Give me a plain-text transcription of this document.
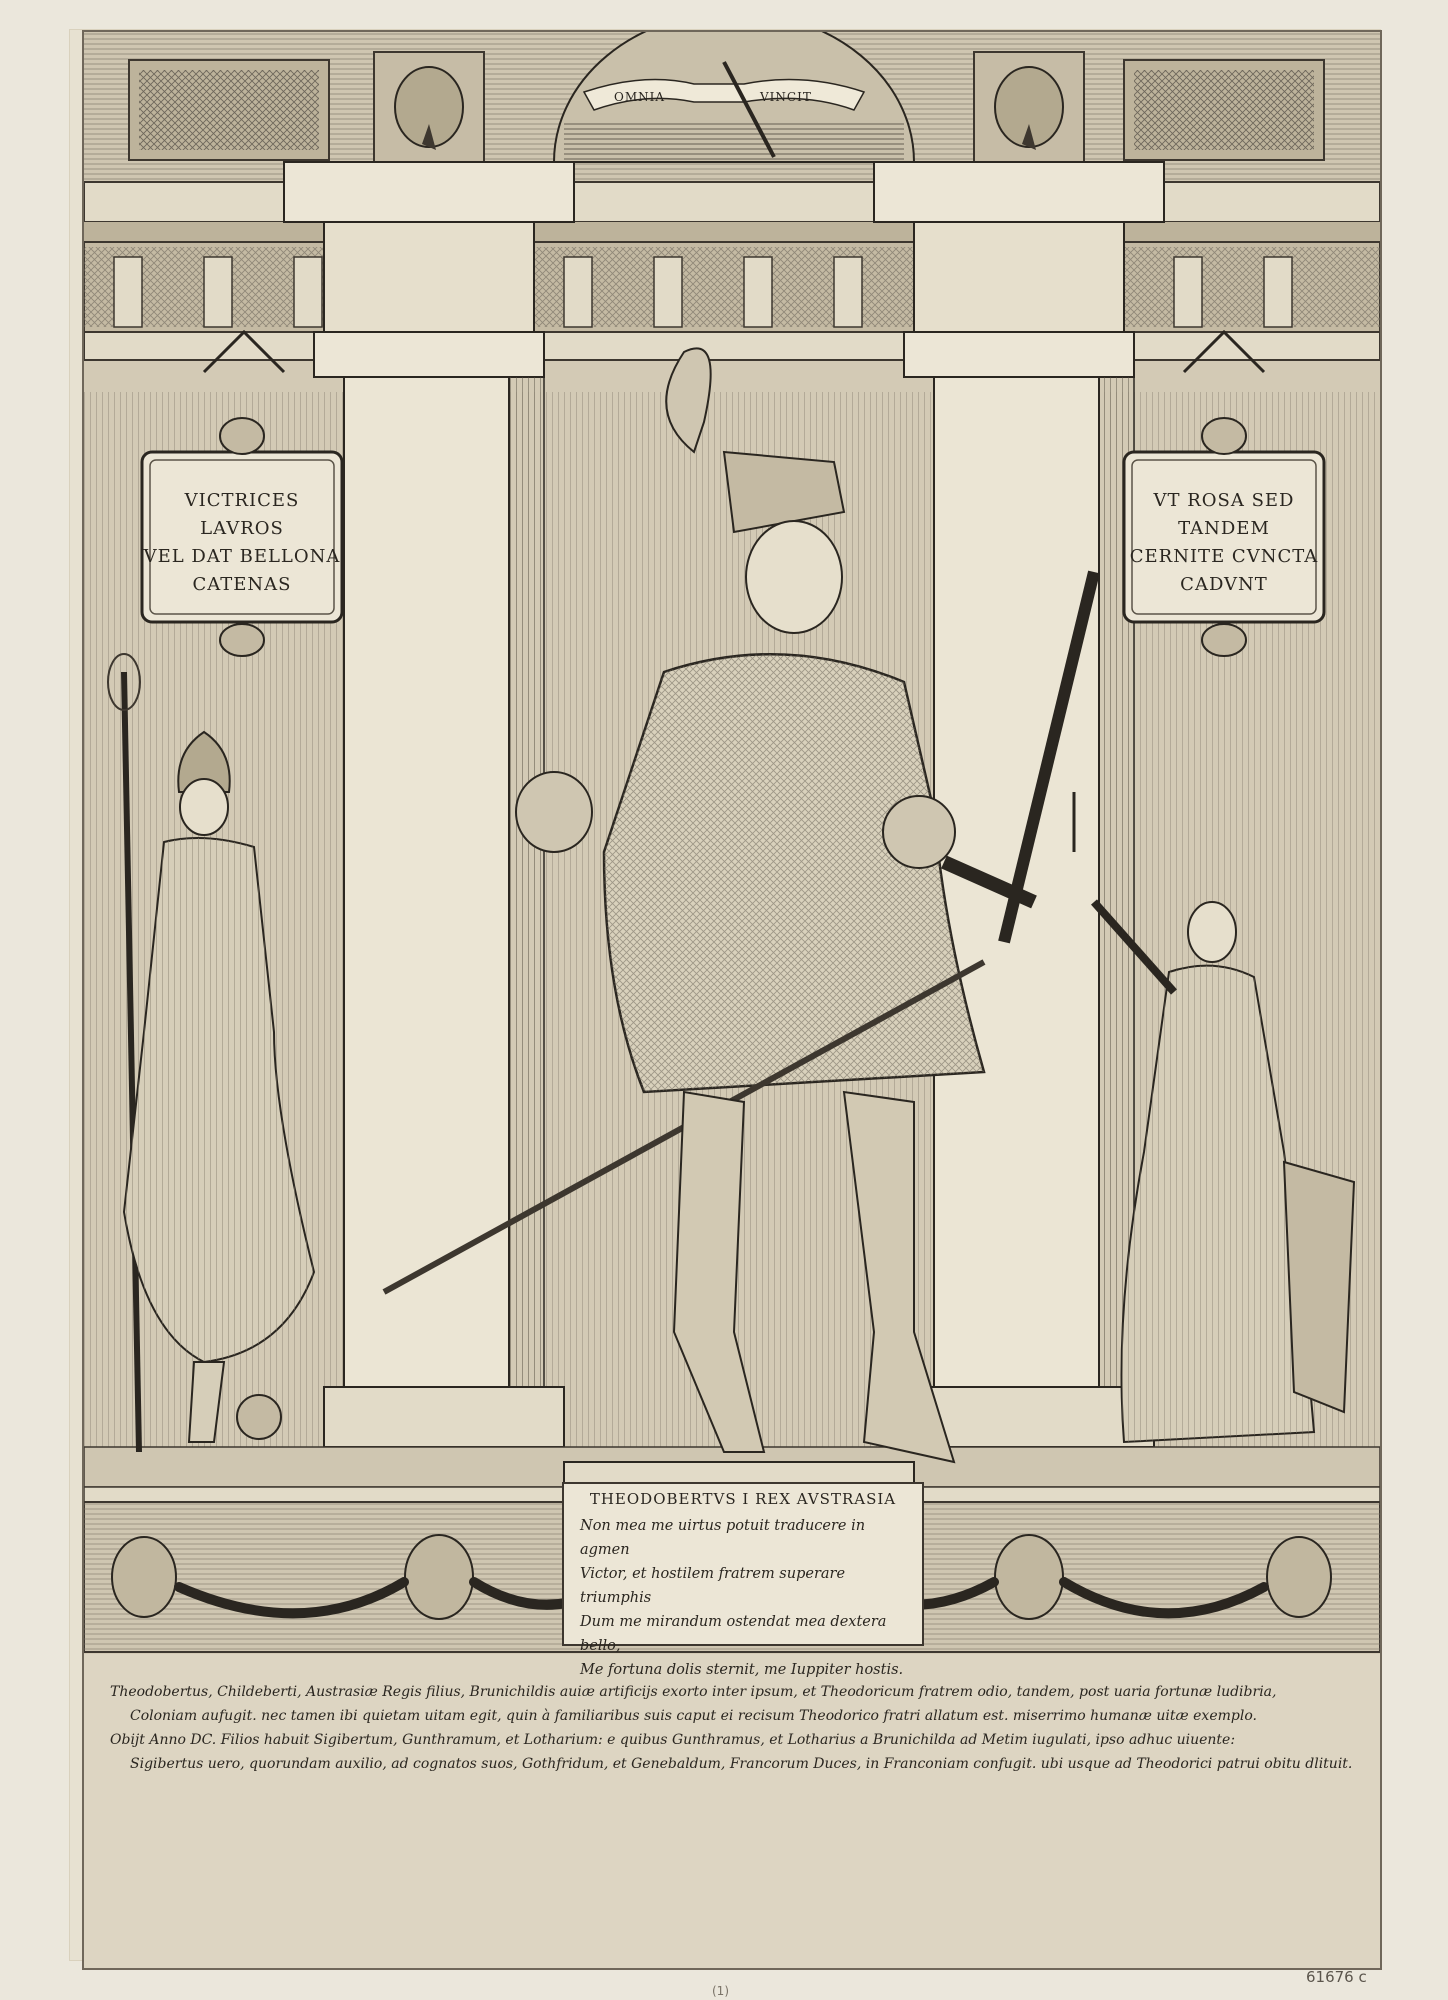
OMNIA	VINCIT
VICTRICES LAVROS
VEL DAT BELLONA
CATENAS
VT ROSA SED TANDEM
CERNITE CVNCTA
CADVNT
THEODOBERTVS I REX AVSTRASIA
Non mea me uirtus potuit traducere in agmen
Victor, et hostilem fratrem superare triumphis
Dum me mirandum ostendat mea dextera bello,
Me fortuna dolis sternit, me Iuppiter hostis.
Theodobertus, Childeberti, Austrasiæ Regis filius, Brunichildis auiæ artificijs exorto inter ipsum, et Theodoricum fratrem odio, tandem, post uaria fortunæ ludibria,
Coloniam aufugit. nec tamen ibi quietam uitam egit, quin à familiaribus suis caput ei recisum Theodorico fratri allatum est. miserrimo humanæ uitæ exemplo.
Obijt Anno DC. Filios habuit Sigibertum, Gunthramum, et Lotharium: e quibus Gunthramus, et Lotharius a Brunichilda ad Metim iugulati, ipso adhuc uiuente:
Sigibertus uero, quorundam auxilio, ad cognatos suos, Gothfridum, et Genebaldum, Francorum Duces, in Franconiam confugit. ubi usque ad Theodorici patrui obitu dlituit.
61676 c
(1)
